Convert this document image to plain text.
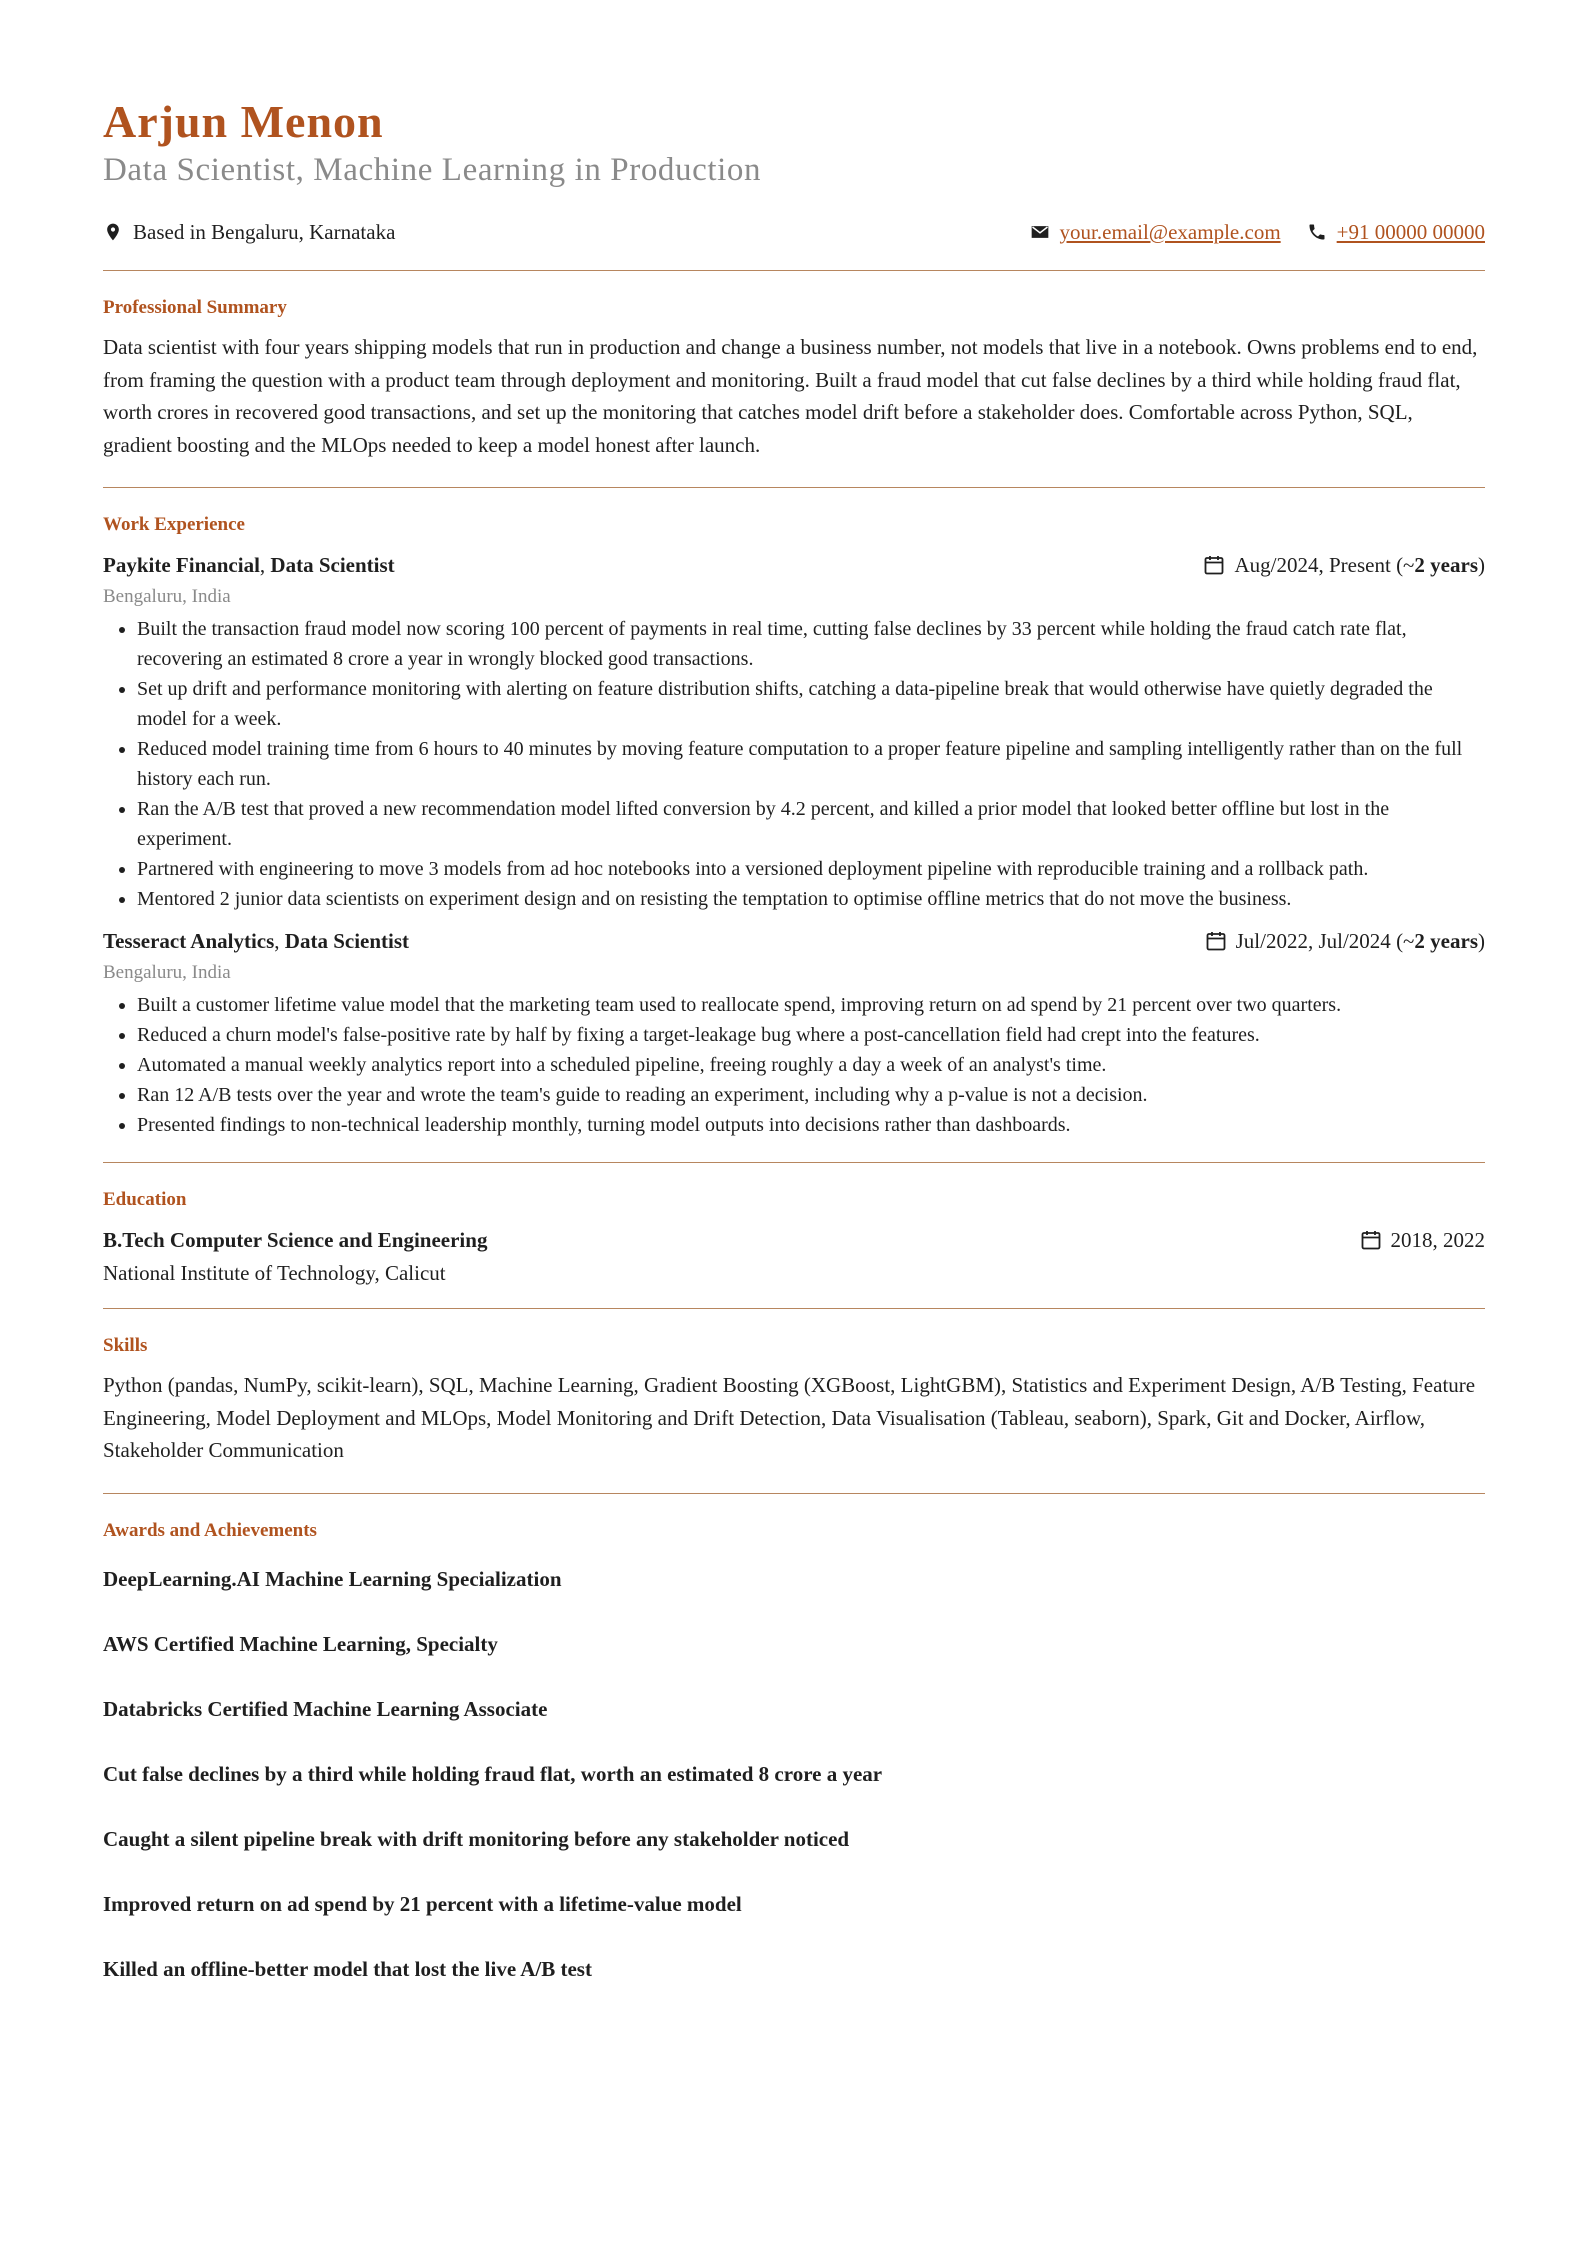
Arjun Menon
Data Scientist, Machine Learning in Production
Based in Bengaluru, Karnataka	your.email@example.com	+91 00000 00000
Professional Summary

Data scientist with four years shipping models that run in production and change a business number, not models that live in a notebook. Owns problems end to end, from framing the question with a product team through deployment and monitoring. Built a fraud model that cut false declines by a third while holding fraud flat, worth crores in recovered good transactions, and set up the monitoring that catches model drift before a stakeholder does. Comfortable across Python, SQL, gradient boosting and the MLOps needed to keep a model honest after launch.

Work Experience
Paykite Financial, Data Scientist	Aug/2024, Present
(~ 2 years )
Bengaluru, India
• Built the transaction fraud model now scoring 100 percent of payments in real time, cutting false declines by 33 percent while holding the fraud catch rate flat, recovering an estimated 8 crore a year in wrongly blocked good transactions.
• Set up drift and performance monitoring with alerting on feature distribution shifts, catching a data-pipeline break that would otherwise have quietly degraded the model for a week.
• Reduced model training time from 6 hours to 40 minutes by moving feature computation to a proper feature pipeline and sampling intelligently rather than on the full history each run.
• Ran the A/B test that proved a new recommendation model lifted conversion by 4.2 percent, and killed a prior model that looked better offline but lost in the experiment.
• Partnered with engineering to move 3 models from ad hoc notebooks into a versioned deployment pipeline with reproducible training and a rollback path.
• Mentored 2 junior data scientists on experiment design and on resisting the temptation to optimise offline metrics that do not move the business.
Tesseract Analytics, Data Scientist	Jul/2022, Jul/2024
(~ 2 years )
Bengaluru, India
• Built a customer lifetime value model that the marketing team used to reallocate spend, improving return on ad spend by 21 percent over two quarters.
• Reduced a churn model's false-positive rate by half by fixing a target-leakage bug where a post-cancellation field had crept into the features.
• Automated a manual weekly analytics report into a scheduled pipeline, freeing roughly a day a week of an analyst's time.
• Ran 12 A/B tests over the year and wrote the team's guide to reading an experiment, including why a p-value is not a decision.
• Presented findings to non-technical leadership monthly, turning model outputs into decisions rather than dashboards.
Education
B.Tech Computer Science and Engineering	2018, 2022
National Institute of Technology, Calicut
Skills

Python (pandas, NumPy, scikit-learn), SQL, Machine Learning, Gradient Boosting (XGBoost, LightGBM), Statistics and Experiment Design, A/B Testing, Feature Engineering, Model Deployment and MLOps, Model Monitoring and Drift Detection, Data Visualisation (Tableau, seaborn), Spark, Git and Docker, Airflow, Stakeholder Communication

Awards and Achievements
DeepLearning.AI Machine Learning Specialization
AWS Certified Machine Learning, Specialty
Databricks Certified Machine Learning Associate
Cut false declines by a third while holding fraud flat, worth an estimated 8 crore a year
Caught a silent pipeline break with drift monitoring before any stakeholder noticed
Improved return on ad spend by 21 percent with a lifetime-value model
Killed an offline-better model that lost the live A/B test
